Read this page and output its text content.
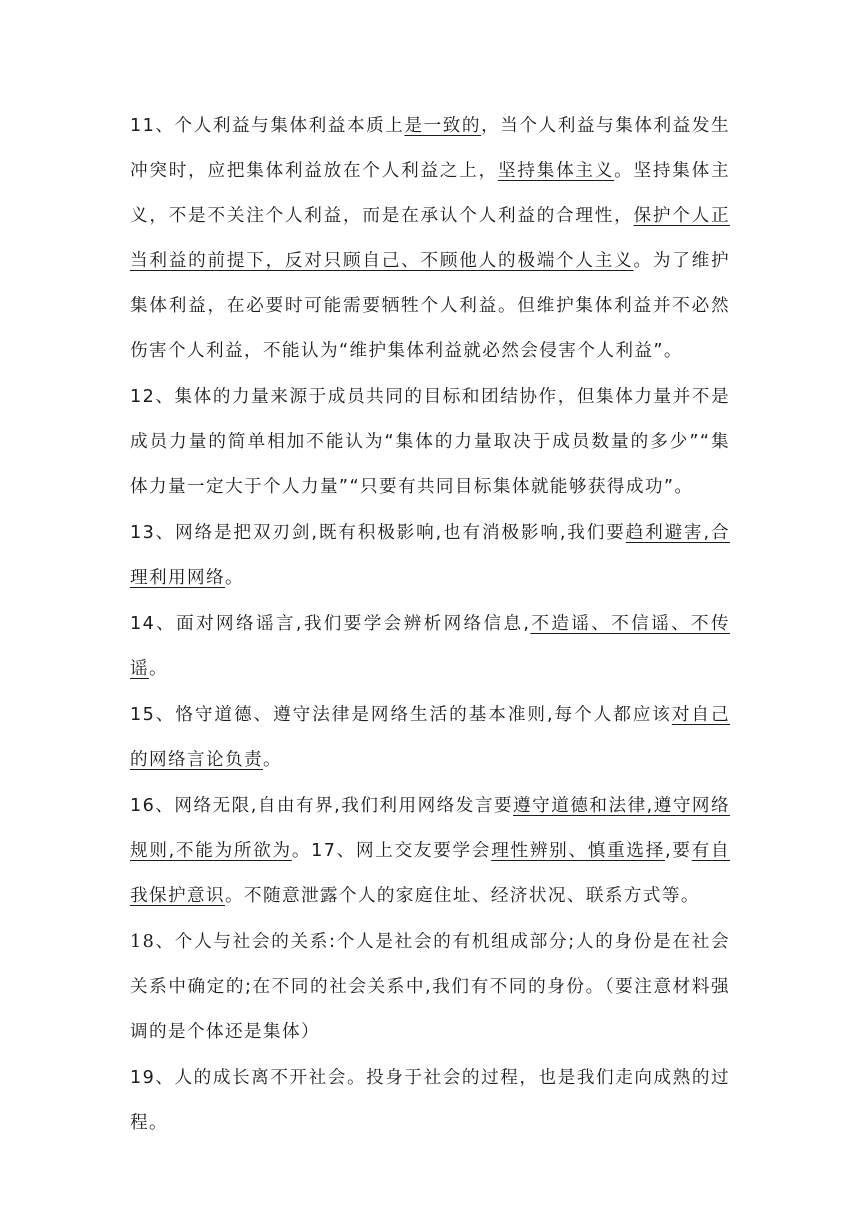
11、个人利益与集体利益本质上是一致的，当个人利益与集体利益发生冲突时，应把集体利益放在个人利益之上，坚持集体主义。坚持集体主义，不是不关注个人利益，而是在承认个人利益的合理性，保护个人正当利益的前提下，反对只顾自己、不顾他人的极端个人主义。为了维护集体利益，在必要时可能需要牺牲个人利益。但维护集体利益并不必然伤害个人利益，不能认为“维护集体利益就必然会侵害个人利益”。

12、集体的力量来源于成员共同的目标和团结协作，但集体力量并不是成员力量的简单相加不能认为“集体的力量取决于成员数量的多少”“集体力量一定大于个人力量”“只要有共同目标集体就能够获得成功”。

13、网络是把双刃剑,既有积极影响,也有消极影响,我们要趋利避害,合理利用网络。

14、面对网络谣言,我们要学会辨析网络信息,不造谣、不信谣、不传谣。

15、恪守道德、遵守法律是网络生活的基本准则,每个人都应该对自己的网络言论负责。

16、网络无限,自由有界,我们利用网络发言要遵守道德和法律,遵守网络规则,不能为所欲为。17、网上交友要学会理性辨别、慎重选择,要有自我保护意识。不随意泄露个人的家庭住址、经济状况、联系方式等。

18、个人与社会的关系:个人是社会的有机组成部分;人的身份是在社会关系中确定的;在不同的社会关系中,我们有不同的身份。（要注意材料强调的是个体还是集体）

19、人的成长离不开社会。投身于社会的过程，也是我们走向成熟的过程。
